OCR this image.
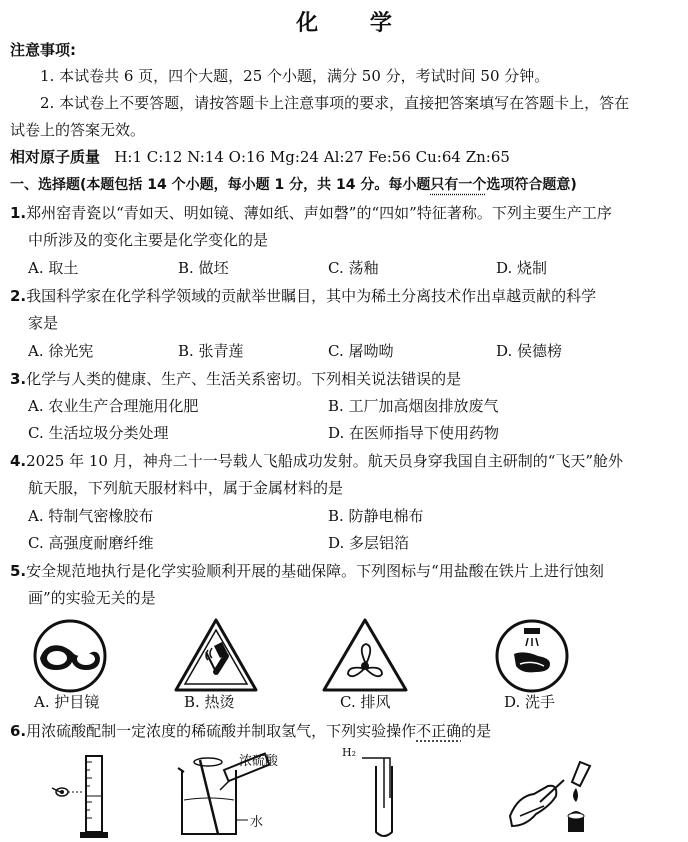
化 学
注意事项:
1. 本试卷共 6 页，四个大题，25 个小题，满分 50 分，考试时间 50 分钟。
2. 本试卷上不要答题，请按答题卡上注意事项的要求，直接把答案填写在答题卡上，答在
试卷上的答案无效。
相对原子质量 H:1 C:12 N:14 O:16 Mg:24 Al:27 Fe:56 Cu:64 Zn:65
一、选择题(本题包括 14 个小题，每小题 1 分，共 14 分。每小题只有一个选项符合题意)
1.郑州窑青瓷以“青如天、明如镜、薄如纸、声如磬”的“四如”特征著称。下列主要生产工序
中所涉及的变化主要是化学变化的是
A. 取土	B. 做坯	C. 荡釉	D. 烧制
2.我国科学家在化学科学领域的贡献举世瞩目，其中为稀土分离技术作出卓越贡献的科学
家是
A. 徐光宪	B. 张青莲	C. 屠呦呦	D. 侯德榜
3.化学与人类的健康、生产、生活关系密切。下列相关说法错误的是
A. 农业生产合理施用化肥	B. 工厂加高烟囱排放废气
C. 生活垃圾分类处理	D. 在医师指导下使用药物
4.2025 年 10 月，神舟二十一号载人飞船成功发射。航天员身穿我国自主研制的“飞天”舱外
航天服，下列航天服材料中，属于金属材料的是
A. 特制气密橡胶布	B. 防静电棉布
C. 高强度耐磨纤维	D. 多层铝箔
5.安全规范地执行是化学实验顺利开展的基础保障。下列图标与“用盐酸在铁片上进行蚀刻
画”的实验无关的是
A. 护目镜	B. 热烫	C. 排风	D. 洗手
6.用浓硫酸配制一定浓度的稀硫酸并制取氢气，下列实验操作不正确的是
浓硫酸
水
H₂
